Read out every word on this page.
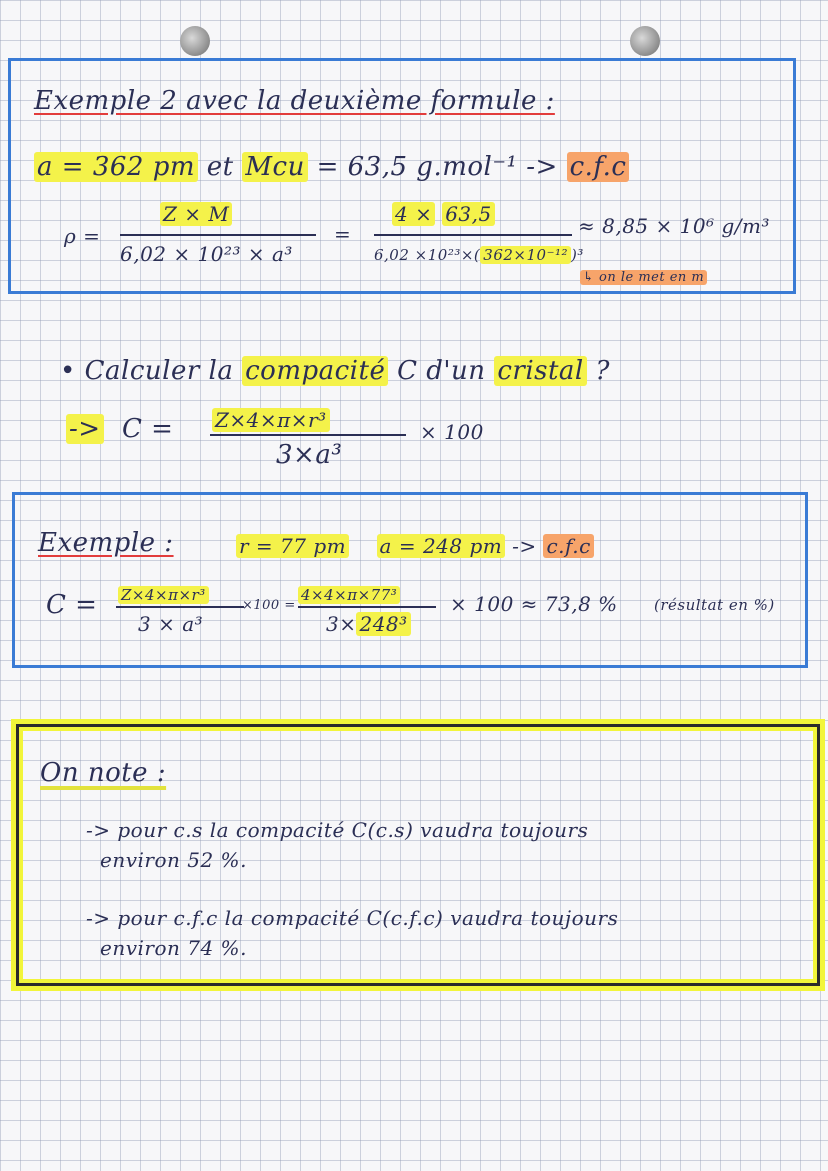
Exemple 2 avec la deuxième formule :
a = 362 pm et Mcu = 63,5 g.mol⁻¹ -> c.f.c
ρ =
Z × M
6,02 × 10²³ × a³
=
4 × 63,5
6,02 ×10²³×( 362×10⁻¹² )³
≈ 8,85 × 10⁶ g/m³
↳ on le met en m
• Calculer la compacité C d'un cristal ?
-> C = Z×4×π×r³
3×a³
× 100
Exemple :	r = 77 pm a = 248 pm -> c.f.c
C = Z×4×π×r³
3 × a³
×100 =
4×4×π×77³
3× 248³
× 100 ≈ 73,8 % (résultat en %)
On note :
-> pour c.s la compacité C(c.s) vaudra toujours
environ 52 %.
-> pour c.f.c la compacité C(c.f.c) vaudra toujours
environ 74 %.
